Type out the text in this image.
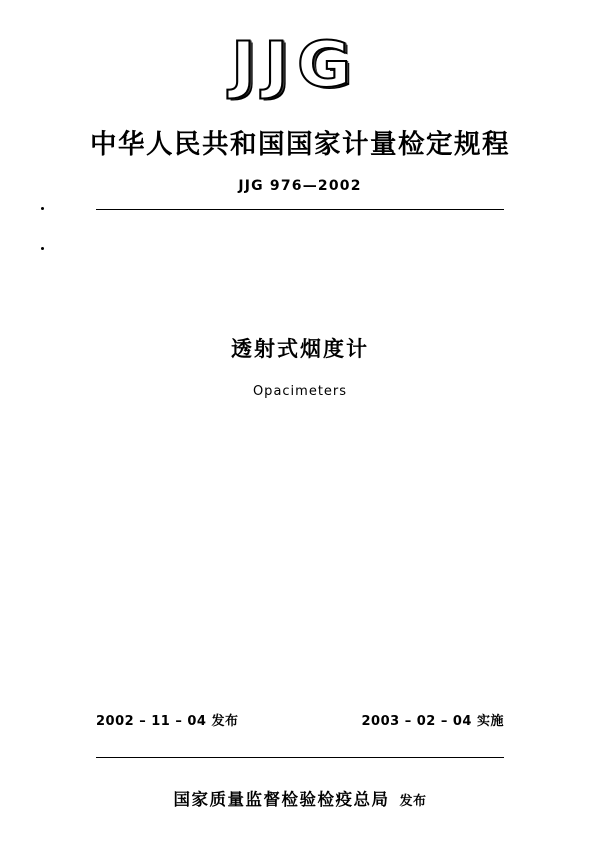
JJG
中华人民共和国国家计量检定规程
JJG 976—2002
透射式烟度计
Opacimeters
2002 – 11 – 04 发布	2003 – 02 – 04 实施
国家质量监督检验检疫总局 发布
